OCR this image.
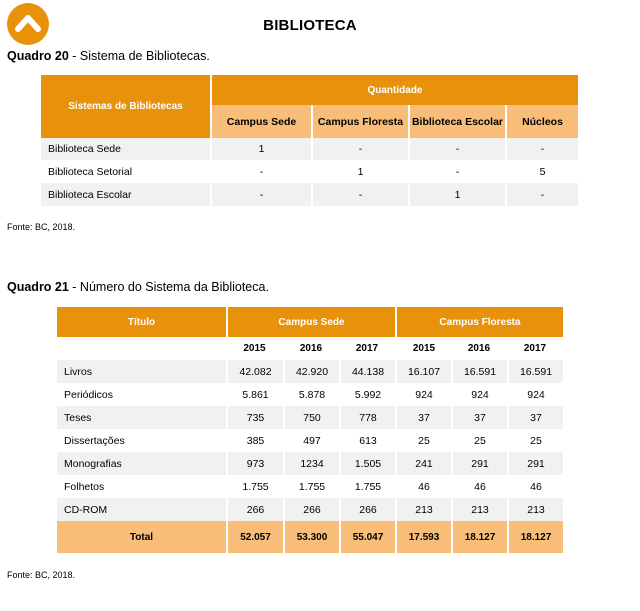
BIBLIOTECA
Quadro 20 - Sistema de Bibliotecas.
Sistemas de Bibliotecas	Quantidade			
	Campus Sede	Campus Floresta	Biblioteca Escolar	Núcleos
Biblioteca Sede	1	-	-	-
Biblioteca Setorial	-	1	-	5
Biblioteca Escolar	-	-	1	-
Fonte: BC, 2018.
Quadro 21 - Número do Sistema da Biblioteca.
Título	Campus Sede			Campus Floresta		
	2015	2016	2017	2015	2016	2017
Livros	42.082	42.920	44.138	16.107	16.591	16.591
Periódicos	5.861	5.878	5.992	924	924	924
Teses	735	750	778	37	37	37
Dissertações	385	497	613	25	25	25
Monografias	973	1234	1.505	241	291	291
Folhetos	1.755	1.755	1.755	46	46	46
CD-ROM	266	266	266	213	213	213
Total	52.057	53.300	55.047	17.593	18.127	18.127
Fonte: BC, 2018.
